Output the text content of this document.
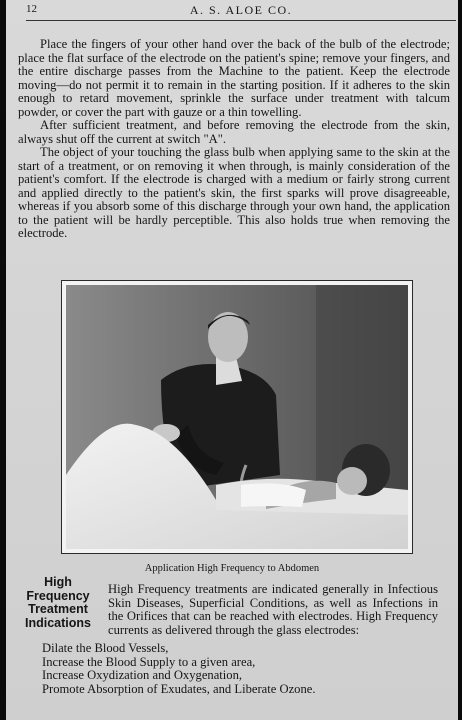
12	A. S. ALOE CO.

Place the fingers of your other hand over the back of the bulb of the electrode; place the flat surface of the electrode on the patient's spine; remove your fingers, and the entire discharge passes from the Machine to the patient. Keep the electrode moving—do not permit it to remain in the starting position. If it adheres to the skin enough to retard movement, sprinkle the surface under treatment with talcum powder, or cover the part with gauze or a thin towelling.

After sufficient treatment, and before removing the electrode from the skin, always shut off the current at switch "A".

The object of your touching the glass bulb when applying same to the skin at the start of a treatment, or on removing it when through, is mainly consideration of the patient's comfort. If the electrode is charged with a medium or fairly strong current and applied directly to the patient's skin, the first sparks will prove disagreeable, whereas if you absorb some of this discharge through your own hand, the application to the patient will be hardly perceptible. This also holds true when removing the electrode.

Application High Frequency to Abdomen
High
Frequency
Treatment
Indications
High Frequency treatments are indicated generally in Infectious Skin Diseases, Superficial Conditions, as well as Infections in the Orifices that can be reached with electrodes. High Frequency currents as delivered through the glass electrodes:
Dilate the Blood Vessels,
Increase the Blood Supply to a given area,
Increase Oxydization and Oxygenation,
Promote Absorption of Exudates, and Liberate Ozone.
